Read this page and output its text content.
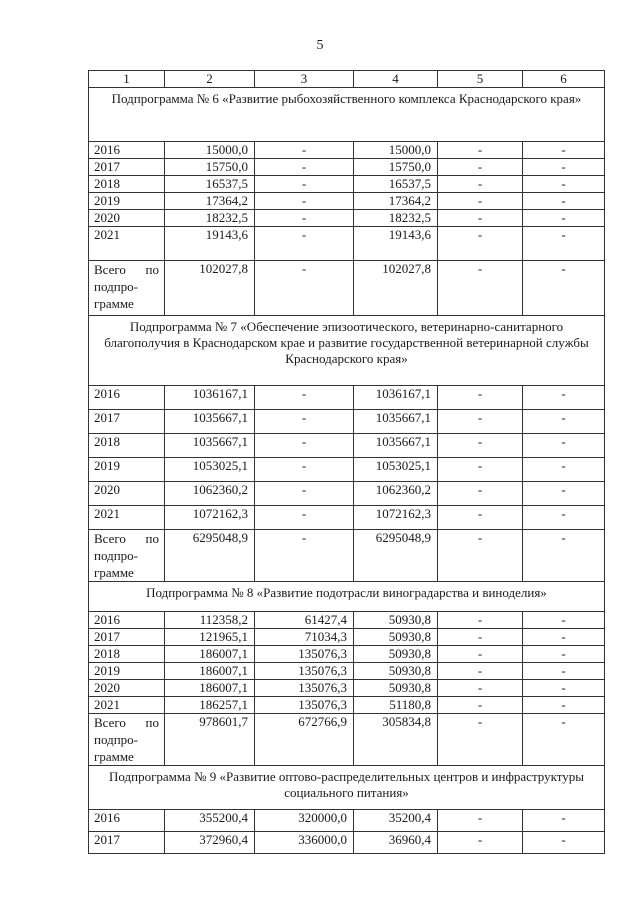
5
1	2	3	4	5	6
Подпрограмма № 6 «Развитие рыбохозяйственного комплекса Краснодарского края»					
2016	15000,0	-	15000,0	-	-
2017	15750,0	-	15750,0	-	-
2018	16537,5	-	16537,5	-	-
2019	17364,2	-	17364,2	-	-
2020	18232,5	-	18232,5	-	-
2021	19143,6	-	19143,6	-	-

Всего по
подпро-
грамме	102027,8	-	102027,8	-	-
Подпрограмма № 7 «Обеспечение эпизоотического, ветеринарно-санитарного благополучия в Краснодарском крае и развитие государственной ветеринарной службы Краснодарского края»					
2016	1036167,1	-	1036167,1	-	-
2017	1035667,1	-	1035667,1	-	-
2018	1035667,1	-	1035667,1	-	-
2019	1053025,1	-	1053025,1	-	-
2020	1062360,2	-	1062360,2	-	-
2021	1072162,3	-	1072162,3	-	-

Всего по
подпро-
грамме	6295048,9	-	6295048,9	-	-
Подпрограмма № 8 «Развитие подотрасли виноградарства и виноделия»					
2016	112358,2	61427,4	50930,8	-	-
2017	121965,1	71034,3	50930,8	-	-
2018	186007,1	135076,3	50930,8	-	-
2019	186007,1	135076,3	50930,8	-	-
2020	186007,1	135076,3	50930,8	-	-
2021	186257,1	135076,3	51180,8	-	-

Всего по
подпро-
грамме	978601,7	672766,9	305834,8	-	-
Подпрограмма № 9 «Развитие оптово-распределительных центров и инфраструктуры социального питания»					
2016	355200,4	320000,0	35200,4	-	-
2017	372960,4	336000,0	36960,4	-	-
